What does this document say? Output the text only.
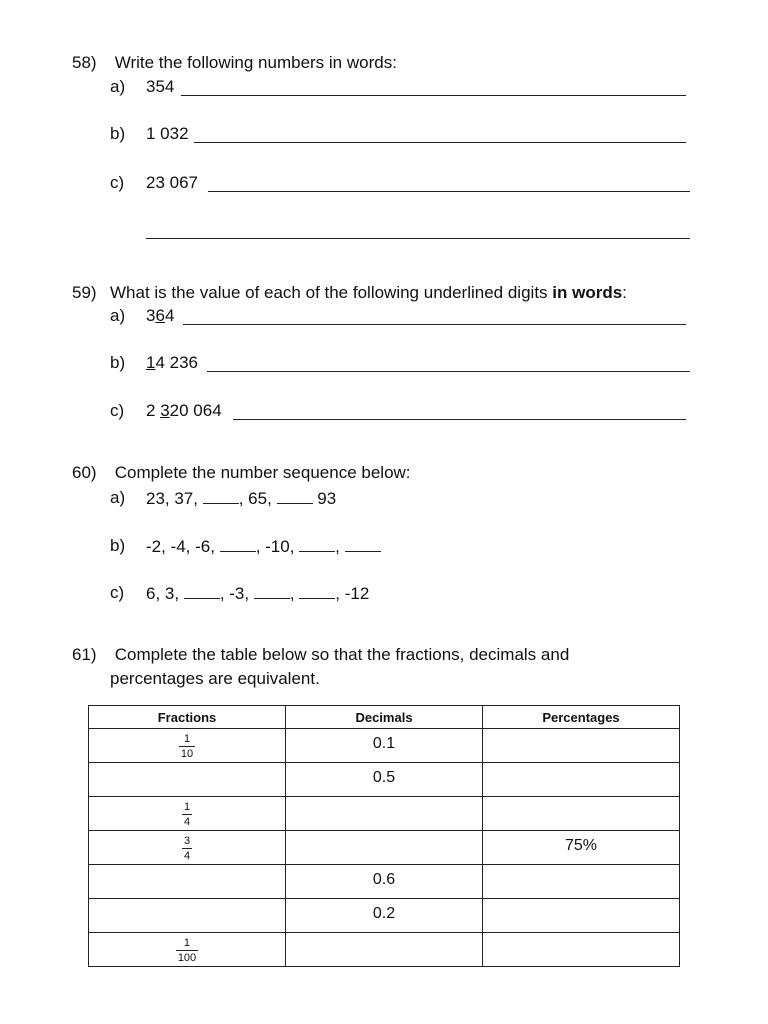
58) Write the following numbers in words:
a) 354
b) 1 032
c) 23 067
59) What is the value of each of the following underlined digits in words:
a) 364
b) 14 236
c) 2 320 064
60) Complete the number sequence below:
a) 23, 37, , 65,  93
b) -2, -4, -6, , -10, ,
c) 6, 3, , -3, , , -12
61) Complete the table below so that the fractions, decimals and
percentages are equivalent.
Fractions	Decimals	Percentages

$\frac{1}{10}$	0.1	

	0.5	

$\frac{1}{4}$

$\frac{3}{4}$		75%

	0.6	

	0.2	

$\frac{1}{100}$
